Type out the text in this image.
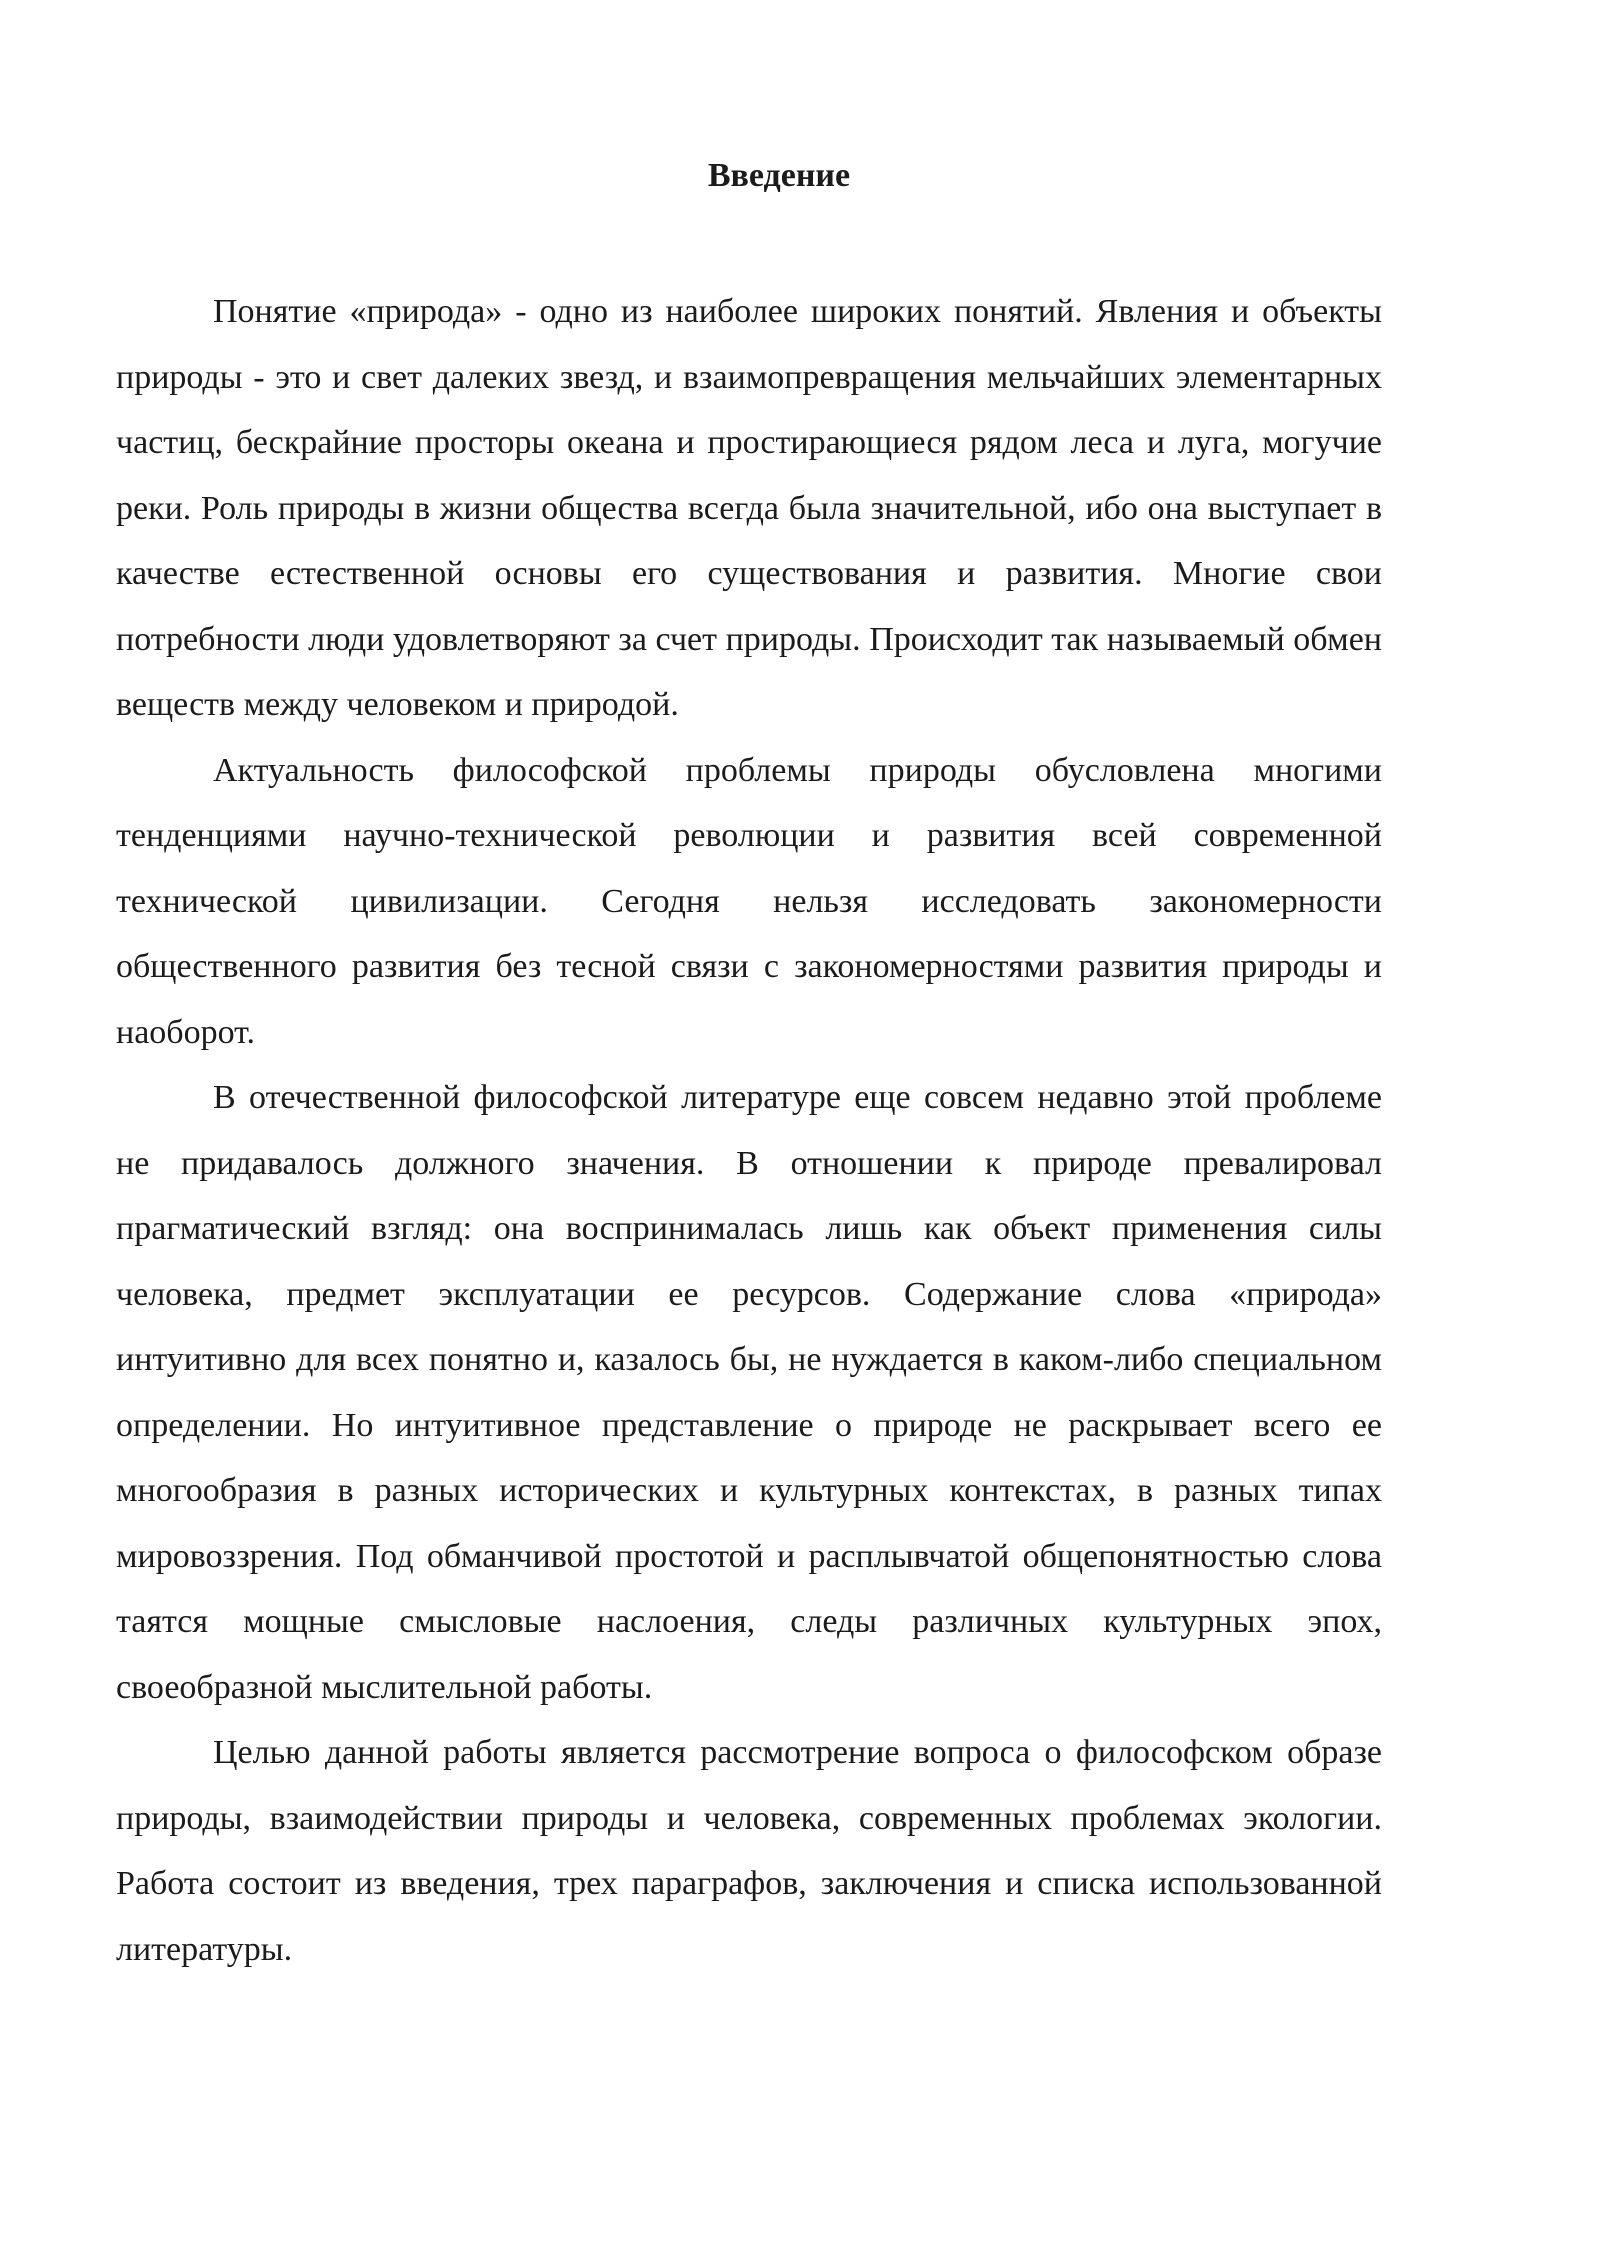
Введение

Понятие «природа» - одно из наиболее широких понятий. Явления и объекты природы - это и свет далеких звезд, и взаимопревращения мельчайших элементарных частиц, бескрайние просторы океана и простирающиеся рядом леса и луга, могучие реки. Роль природы в жизни общества всегда была значительной, ибо она выступает в качестве естественной основы его существования и развития. Многие свои потребности люди удовлетворяют за счет природы. Происходит так называемый обмен веществ между человеком и природой.

Актуальность философской проблемы природы обусловлена многими тенденциями научно-технической революции и развития всей современной технической цивилизации. Сегодня нельзя исследовать закономерности общественного развития без тесной связи с закономерностями развития природы и наоборот.

В отечественной философской литературе еще совсем недавно этой проблеме не придавалось должного значения. В отношении к природе превалировал прагматический взгляд: она воспринималась лишь как объект применения силы человека, предмет эксплуатации ее ресурсов. Содержание слова «природа» интуитивно для всех понятно и, казалось бы, не нуждается в каком-либо специальном определении. Но интуитивное представление о природе не раскрывает всего ее многообразия в разных исторических и культурных контекстах, в разных типах мировоззрения. Под обманчивой простотой и расплывчатой общепонятностью слова таятся мощные смысловые наслоения, следы различных культурных эпох, своеобразной мыслительной работы.

Целью данной работы является рассмотрение вопроса о философском образе природы, взаимодействии природы и человека, современных проблемах экологии. Работа состоит из введения, трех параграфов, заключения и списка использованной литературы.
